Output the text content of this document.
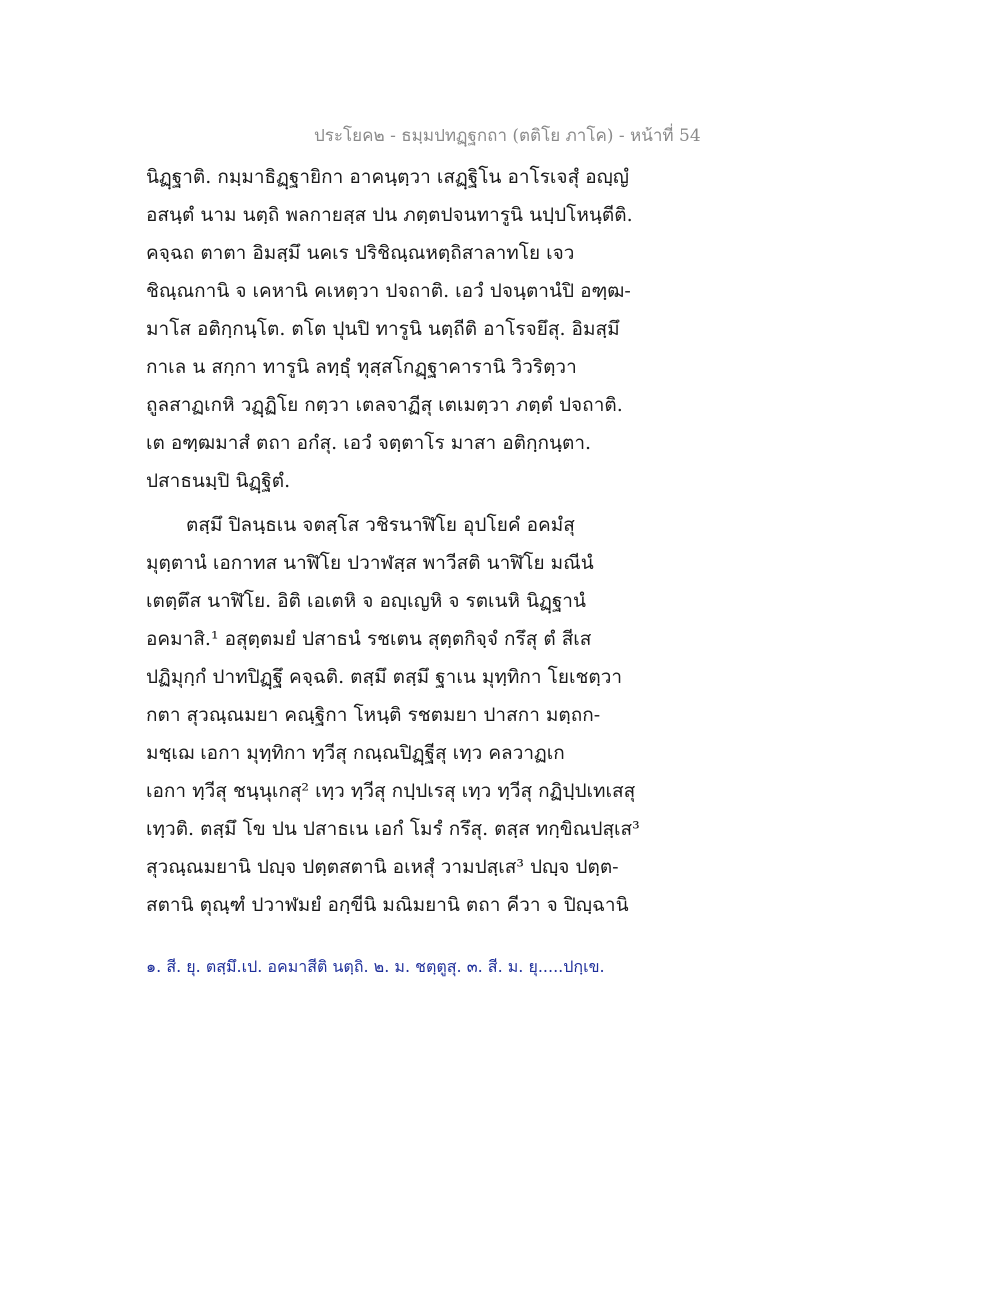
ประโยค๒ - ธมฺมปทฏฺฐกถา (ตติโย ภาโค) - หน้าที่ 54
นิฏฺฐาติ. กมฺมาธิฏฺฐายิกา อาคนฺตฺวา เสฏฺฐิโน อาโรเจสุํ อญฺญํ
อสนฺตํ นาม นตฺถิ พลกายสฺส ปน ภตฺตปจนทารูนิ นปฺปโหนฺตีติ.
คจฺฉถ ตาตา อิมสฺมึ นคเร ปริชิณฺณหตฺถิสาลาทโย เจว
ชิณฺณกานิ จ เคหานิ คเหตฺวา ปจถาติ. เอวํ ปจนฺตานํปิ อฑฺฒ-
มาโส อติกฺกนฺโต. ตโต ปุนปิ ทารูนิ นตฺถีติ อาโรจยึสุ. อิมสฺมึ
กาเล น สกฺกา ทารูนิ ลทฺธุํ ทุสฺสโกฏฺฐาคารานิ วิวริตฺวา
ถูลสาฏเกหิ วฏฺฏิโย กตฺวา เตลจาฏีสุ เตเมตฺวา ภตฺตํ ปจถาติ.
เต อฑฺฒมาสํ ตถา อกํสุ. เอวํ จตฺตาโร มาสา อติกฺกนฺตา.
ปสาธนมฺปิ นิฏฺฐิตํ.
ตสฺมึ ปิลนฺธเน จตสฺโส วชิรนาฬิโย อุปโยคํ อคมํสุ
มุตฺตานํ เอกาทส นาฬิโย ปวาฬสฺส พาวีสติ นาฬิโย มณีนํ
เตตฺตึส นาฬิโย. อิติ เอเตหิ จ อญฺเญหิ จ รตเนหิ นิฏฺฐานํ
อคมาสิ.¹ อสุตฺตมยํ ปสาธนํ รชเตน สุตฺตกิจฺจํ กรึสุ ตํ สีเส
ปฏิมุกฺกํ ปาทปิฏฺฐึ คจฺฉติ. ตสฺมึ ตสฺมึ ฐาเน มุทฺทิกา โยเชตฺวา
กตา สุวณฺณมยา คณฺฐิกา โหนฺติ รชตมยา ปาสกา มตฺถก-
มชฺเฌ เอกา มุทฺทิกา ทฺวีสุ กณฺณปิฏฺฐีสุ เทฺว คลวาฏเก
เอกา ทฺวีสุ ชนฺนุเกสุ² เทฺว ทฺวีสุ กปฺปเรสุ เทฺว ทฺวีสุ กฏิปฺปเทเสสุ
เทฺวติ. ตสฺมึ โข ปน ปสาธเน เอกํ โมรํ กรึสุ. ตสฺส ทกฺขิณปสฺเส³
สุวณฺณมยานิ ปญฺจ ปตฺตสตานิ อเหสุํ วามปสฺเส³ ปญฺจ ปตฺต-
สตานิ ตุณฺฑํ ปวาฬมยํ อกฺขีนิ มณิมยานิ ตถา คีวา จ ปิญฺฉานิ
๑. สี. ยุ. ตสฺมึ.เป. อคมาสีติ นตฺถิ. ๒. ม. ชตฺตูสุ. ๓. สี. ม. ยุ.....ปกฺเข.
